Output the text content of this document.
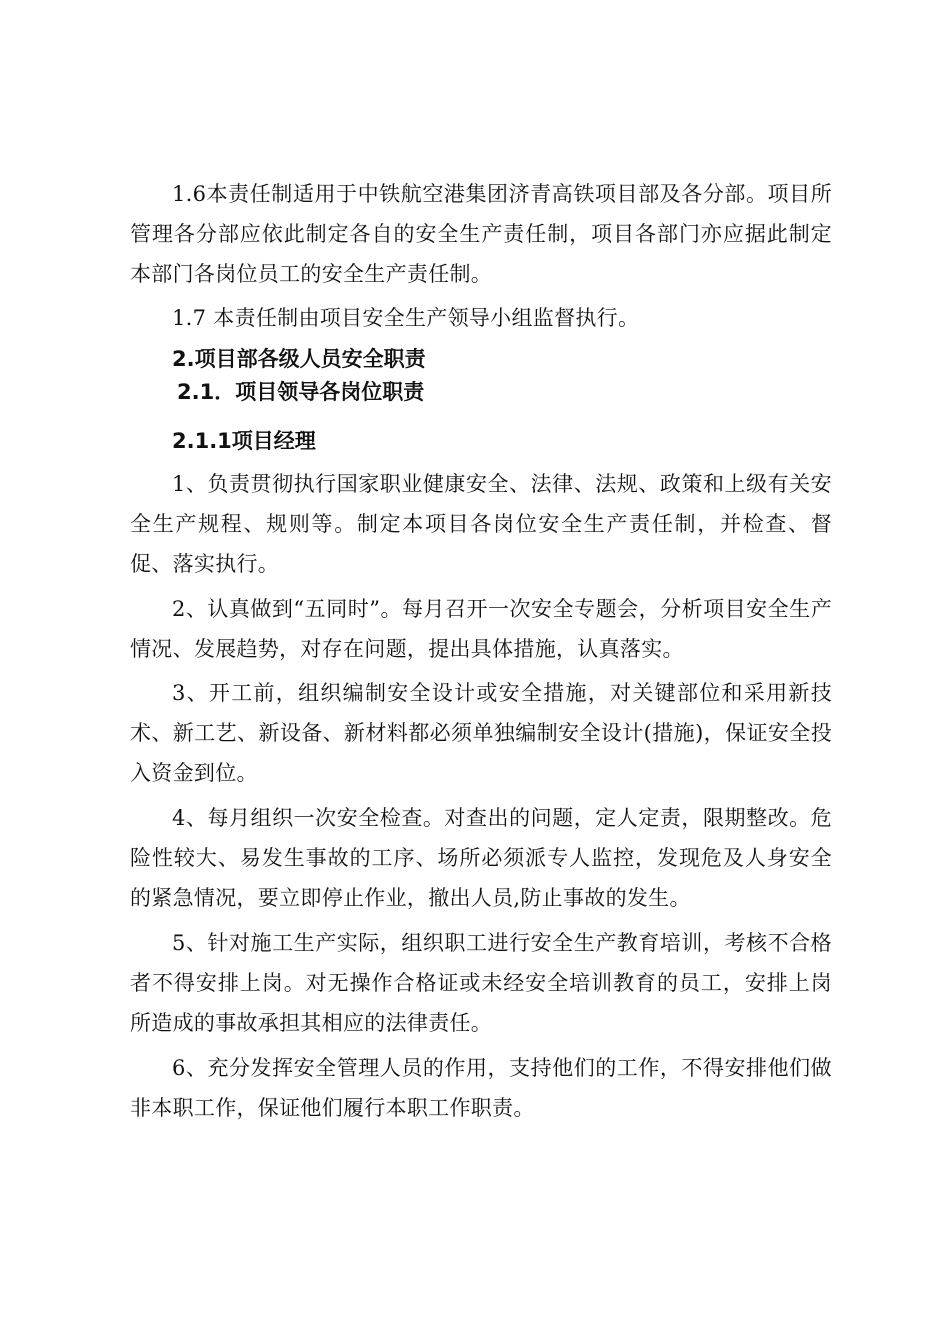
1.6本责任制适用于中铁航空港集团济青高铁项目部及各分部。项目所管理各分部应依此制定各自的安全生产责任制，项目各部门亦应据此制定本部门各岗位员工的安全生产责任制。

1.7 本责任制由项目安全生产领导小组监督执行。

2.项目部各级人员安全职责
2.1．项目领导各岗位职责
2.1.1项目经理

1、负责贯彻执行国家职业健康安全、法律、法规、政策和上级有关安全生产规程、规则等。制定本项目各岗位安全生产责任制，并检查、督促、落实执行。

2、认真做到“五同时”。每月召开一次安全专题会，分析项目安全生产情况、发展趋势，对存在问题，提出具体措施，认真落实。

3、开工前，组织编制安全设计或安全措施，对关键部位和采用新技术、新工艺、新设备、新材料都必须单独编制安全设计(措施)，保证安全投入资金到位。

4、每月组织一次安全检查。对查出的问题，定人定责，限期整改。危险性较大、易发生事故的工序、场所必须派专人监控，发现危及人身安全的紧急情况，要立即停止作业，撤出人员,防止事故的发生。

5、针对施工生产实际，组织职工进行安全生产教育培训，考核不合格者不得安排上岗。对无操作合格证或未经安全培训教育的员工，安排上岗所造成的事故承担其相应的法律责任。

6、充分发挥安全管理人员的作用，支持他们的工作，不得安排他们做非本职工作，保证他们履行本职工作职责。
